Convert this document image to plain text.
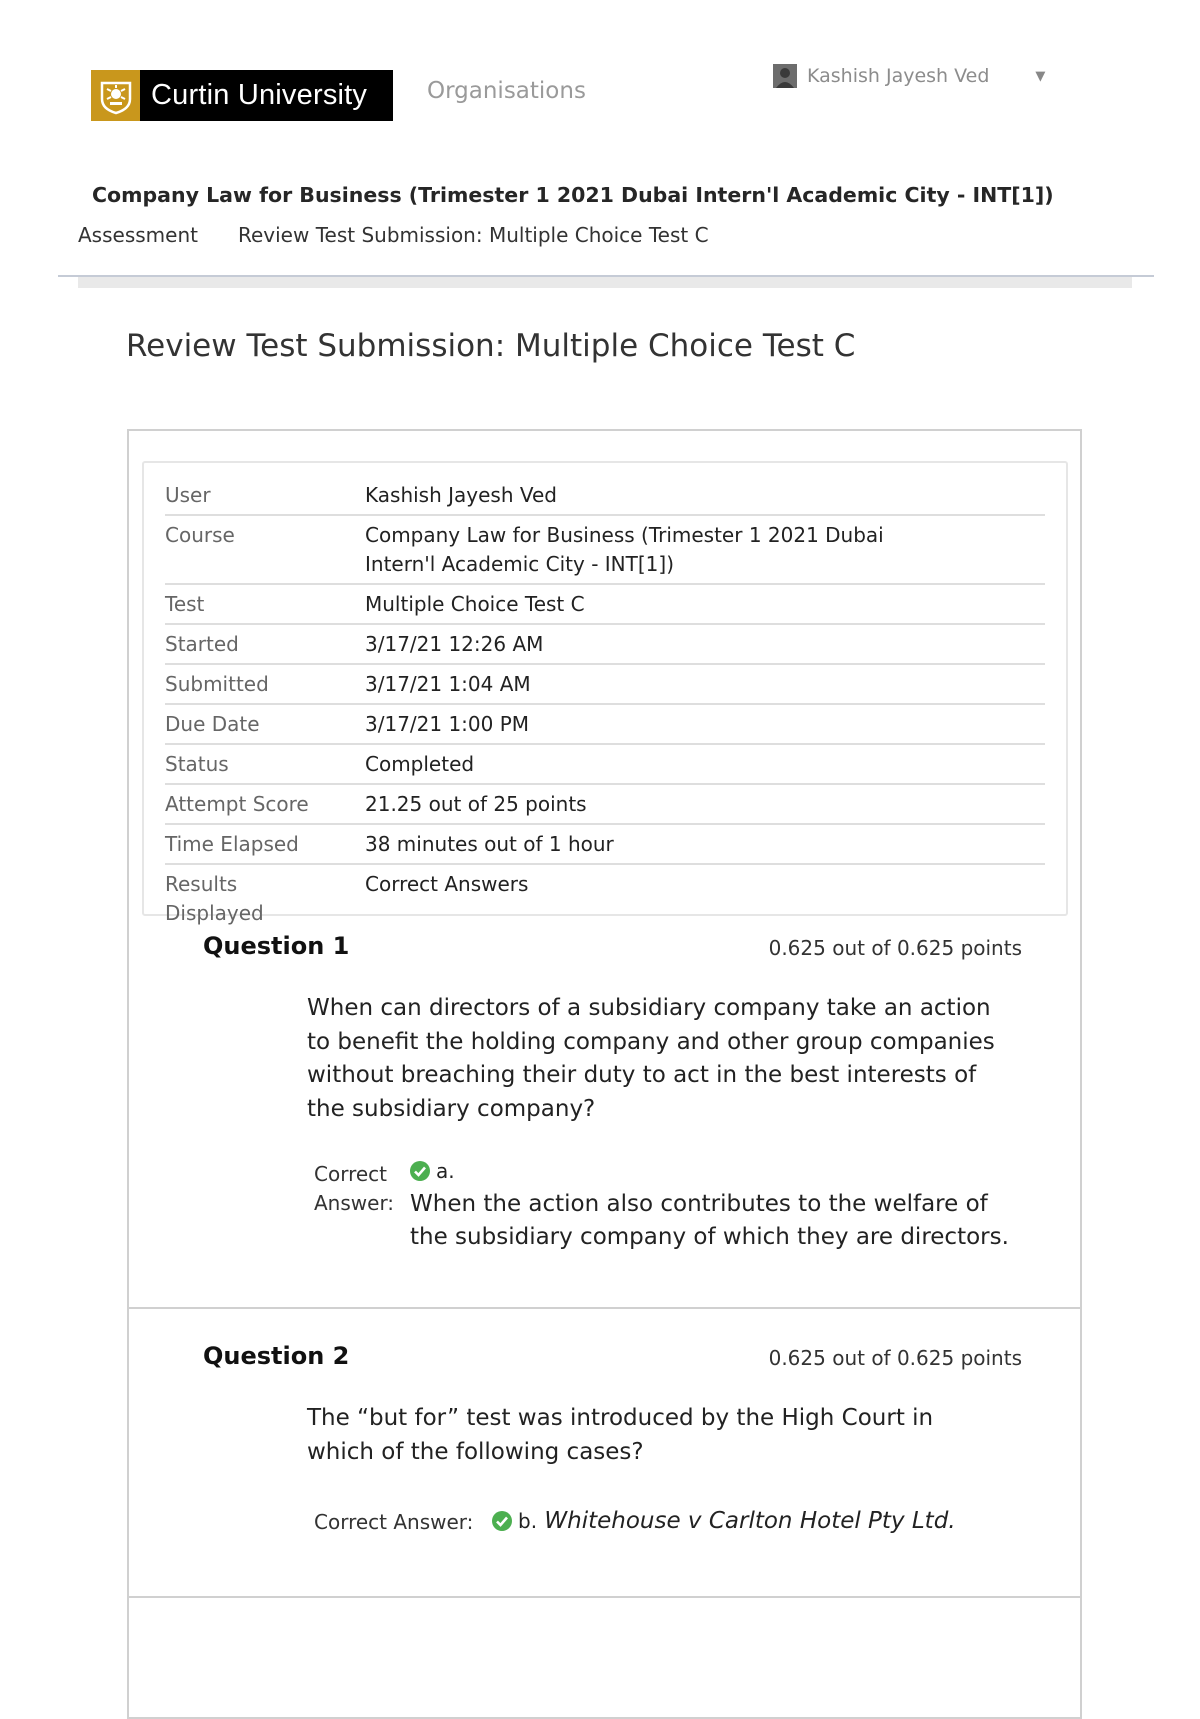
Curtin University	Organisations
Kashish Jayesh Ved	▼
Company Law for Business (Trimester 1 2021 Dubai Intern'l Academic City - INT[1])
Assessment Review Test Submission: Multiple Choice Test C
Review Test Submission: Multiple Choice Test C
User	Kashish Jayesh Ved
Course	Company Law for Business (Trimester 1 2021 Dubai Intern'l Academic City - INT[1])
Test	Multiple Choice Test C
Started	3/17/21 12:26 AM
Submitted	3/17/21 1:04 AM
Due Date	3/17/21 1:00 PM
Status	Completed
Attempt Score	21.25 out of 25 points
Time Elapsed	38 minutes out of 1 hour
Results Displayed	Correct Answers
Question 1	0.625 out of 0.625 points
When can directors of a subsidiary company take an action to benefit the holding company and other group companies without breaching their duty to act in the best interests of the subsidiary company?
Correct Answer:
a.
When the action also contributes to the welfare of the subsidiary company of which they are directors.
Question 2	0.625 out of 0.625 points
The “but for” test was introduced by the High Court in which of the following cases?
Correct Answer:	b. Whitehouse v Carlton Hotel Pty Ltd.
